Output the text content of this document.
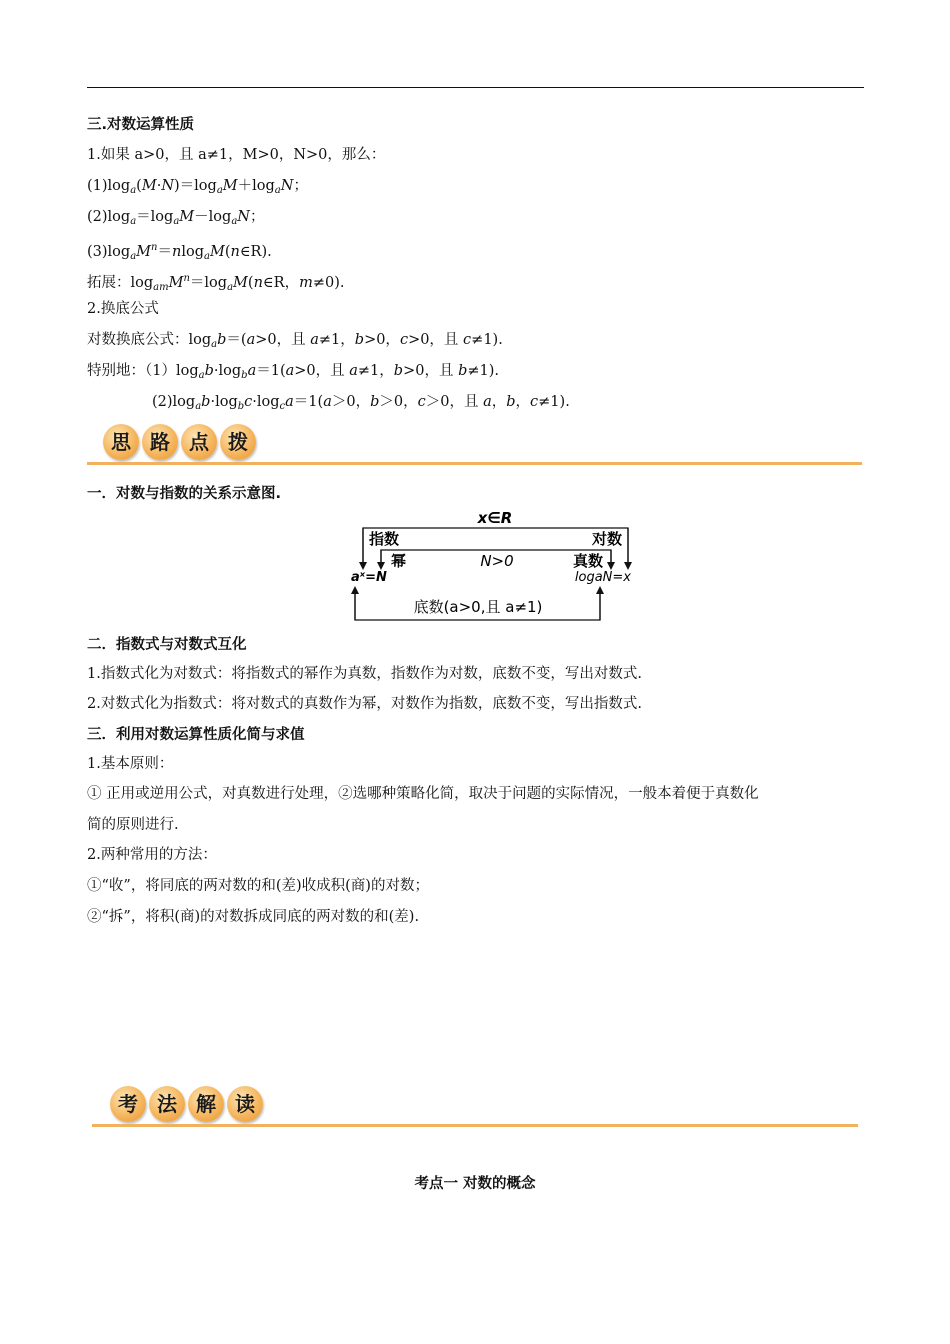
三.对数运算性质
1.如果 a>0，且 a≠1，M>0，N>0，那么：
$(1)\log_a(M\cdot N)=\log_aM+\log_aN$；
$(2)\log_a=\log_aM-\log_aN$；
$(3)\log_aM^n=nlog_aM(n\in R)$.
拓展：$\log_{am}M^n=\log_aM(n\in R$，m≠0).
2.换底公式
对数换底公式：$\log_ab=(a>0$，且 a≠1，b>0，c>0，且 c≠1).
特别地：$(1)\log_ab\cdot\log_ba=1(a>0$，且 a≠1，b>0，且 b≠1).
$(2)\log_ab\cdot\log_bc\cdot\log_ca=1(a>0$，b＞0，c＞0，且 a，b，c≠1).
思 路 点 拨
一．对数与指数的关系示意图.
x∈R
指数	对数
幂	N>0	真数
aˣ=N	logaN=x
底数(a>0,且 a≠1)
二．指数式与对数式互化
1.指数式化为对数式：将指数式的幂作为真数，指数作为对数，底数不变，写出对数式.
2.对数式化为指数式：将对数式的真数作为幂，对数作为指数，底数不变，写出指数式.
三．利用对数运算性质化简与求值
1.基本原则：
① 正用或逆用公式，对真数进行处理，②选哪种策略化简，取决于问题的实际情况，一般本着便于真数化
简的原则进行.
2.两种常用的方法：
①“收”，将同底的两对数的和(差)收成积(商)的对数；
②“拆”，将积(商)的对数拆成同底的两对数的和(差).
考 法 解 读
考点一 对数的概念
